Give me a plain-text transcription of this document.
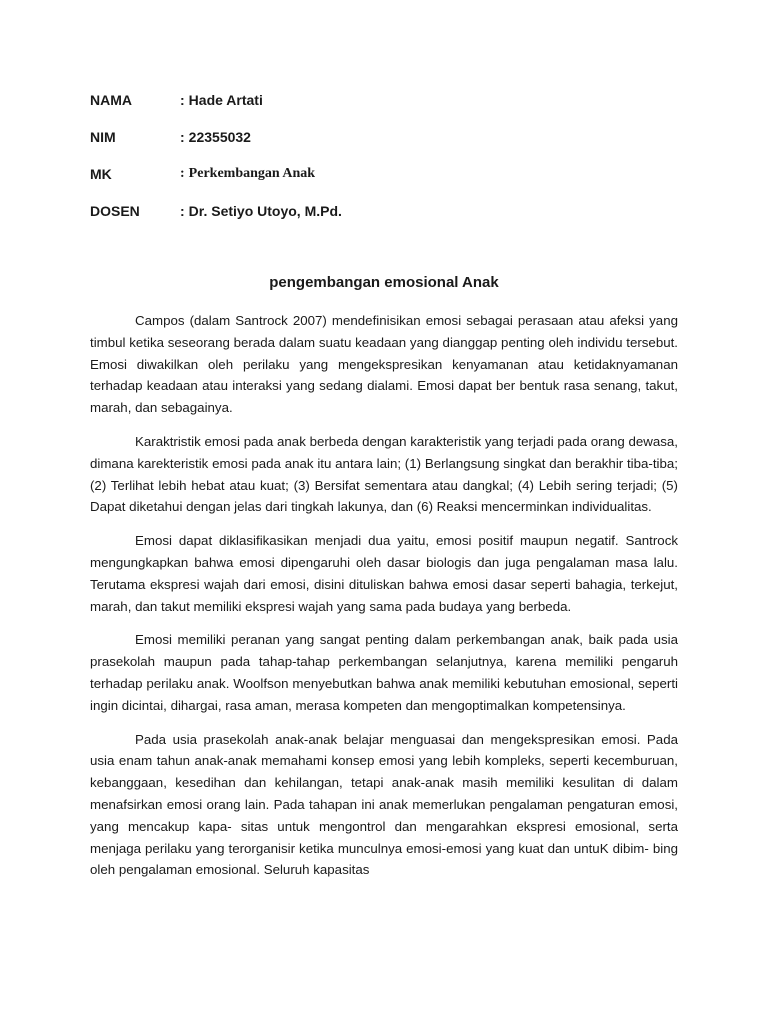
NAMA	: Hade Artati
NIM	: 22355032
MK	: Perkembangan Anak
DOSEN	: Dr. Setiyo Utoyo, M.Pd.
pengembangan emosional Anak

Campos (dalam Santrock 2007) mendefinisikan emosi sebagai perasaan atau afeksi yang timbul ketika seseorang berada dalam suatu keadaan yang dianggap penting oleh individu tersebut. Emosi diwakilkan oleh perilaku yang mengekspresikan kenyamanan atau ketidaknyamanan terhadap keadaan atau interaksi yang sedang dialami. Emosi dapat ber bentuk rasa senang, takut, marah, dan sebagainya.

Karaktristik emosi pada anak berbeda dengan karakteristik yang terjadi pada orang dewasa, dimana karekteristik emosi pada anak itu antara lain; (1) Berlangsung singkat dan berakhir tiba-tiba; (2) Terlihat lebih hebat atau kuat; (3) Bersifat sementara atau dangkal; (4) Lebih sering terjadi; (5) Dapat diketahui dengan jelas dari tingkah lakunya, dan (6) Reaksi mencerminkan individualitas.

Emosi dapat diklasifikasikan menjadi dua yaitu, emosi positif maupun negatif. Santrock mengungkapkan bahwa emosi dipengaruhi oleh dasar biologis dan juga pengalaman masa lalu. Terutama ekspresi wajah dari emosi, disini dituliskan bahwa emosi dasar seperti bahagia, terkejut, marah, dan takut memiliki ekspresi wajah yang sama pada budaya yang berbeda.

Emosi memiliki peranan yang sangat penting dalam perkembangan anak, baik pada usia prasekolah maupun pada tahap-tahap perkembangan selanjutnya, karena memiliki pengaruh terhadap perilaku anak. Woolfson menyebutkan bahwa anak memiliki kebutuhan emosional, seperti ingin dicintai, dihargai, rasa aman, merasa kompeten dan mengoptimalkan kompetensinya.

Pada usia prasekolah anak-anak belajar menguasai dan mengekspresikan emosi. Pada usia enam tahun anak-anak memahami konsep emosi yang lebih kompleks, seperti kecemburuan, kebanggaan, kesedihan dan kehilangan, tetapi anak-anak masih memiliki kesulitan di dalam menafsirkan emosi orang lain. Pada tahapan ini anak memerlukan pengalaman pengaturan emosi, yang mencakup kapa- sitas untuk mengontrol dan mengarahkan ekspresi emosional, serta menjaga perilaku yang terorganisir ketika munculnya emosi-emosi yang kuat dan untuK dibim- bing oleh pengalaman emosional. Seluruh kapasitas
